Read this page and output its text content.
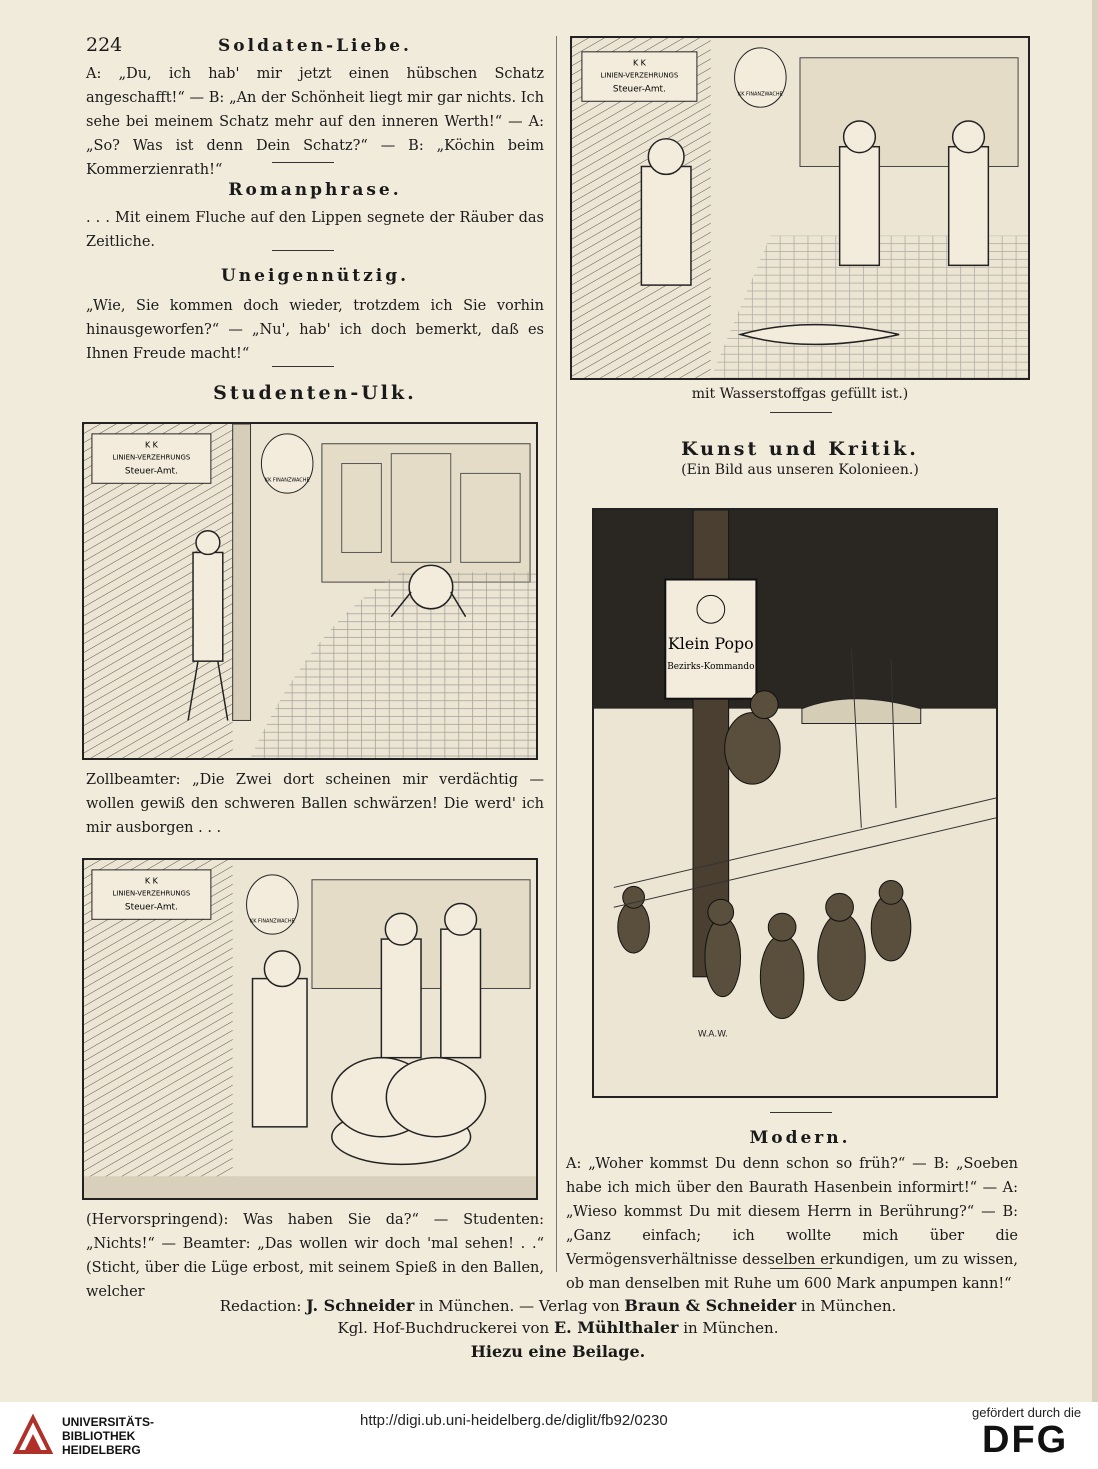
224	Soldaten-Liebe.
A: „Du, ich hab' mir jetzt einen hübschen Schatz angeschafft!“ — B: „An der Schönheit liegt mir gar nichts. Ich sehe bei meinem Schatz mehr auf den inneren Werth!“ — A: „So? Was ist denn Dein Schatz?“ — B: „Köchin beim Kommerzienrath!“
Romanphrase.
. . . Mit einem Fluche auf den Lippen segnete der Räuber das Zeitliche.
Uneigennützig.
„Wie, Sie kommen doch wieder, trotzdem ich Sie vorhin hinausgeworfen?“ — „Nu', hab' ich doch bemerkt, daß es Ihnen Freude macht!“
Studenten-Ulk.
K K
LINIEN-VERZEHRUNGS
Steuer-Amt.
KK FINANZWACHE
Zollbeamter: „Die Zwei dort scheinen mir verdächtig — wollen gewiß den schweren Ballen schwärzen! Die werd' ich mir ausborgen . . .
K K
LINIEN-VERZEHRUNGS
Steuer-Amt.
KK FINANZWACHE
(Hervorspringend): Was haben Sie da?“ — Studenten: „Nichts!“ — Beamter: „Das wollen wir doch 'mal sehen! . .“ (Sticht, über die Lüge erbost, mit seinem Spieß in den Ballen, welcher
K K
LINIEN-VERZEHRUNGS
Steuer-Amt.	KK FINANZWACHE
mit Wasserstoffgas gefüllt ist.)
Kunst und Kritik.
(Ein Bild aus unseren Kolonieen.)
Klein Popo
Bezirks-Kommando
W.A.W.
Modern.
A: „Woher kommst Du denn schon so früh?“ — B: „Soeben habe ich mich über den Baurath Hasenbein informirt!“ — A: „Wieso kommst Du mit diesem Herrn in Berührung?“ — B: „Ganz einfach; ich wollte mich über die Vermögensverhältnisse desselben erkundigen, um zu wissen, ob man denselben mit Ruhe um 600 Mark anpumpen kann!“
Redaction: J. Schneider in München. — Verlag von Braun & Schneider in München.
Kgl. Hof-Buchdruckerei von E. Mühlthaler in München.
Hiezu eine Beilage.
UNIVERSITÄTS-
BIBLIOTHEK
HEIDELBERG
http://digi.ub.uni-heidelberg.de/diglit/fb92/0230	gefördert durch die
DFG
